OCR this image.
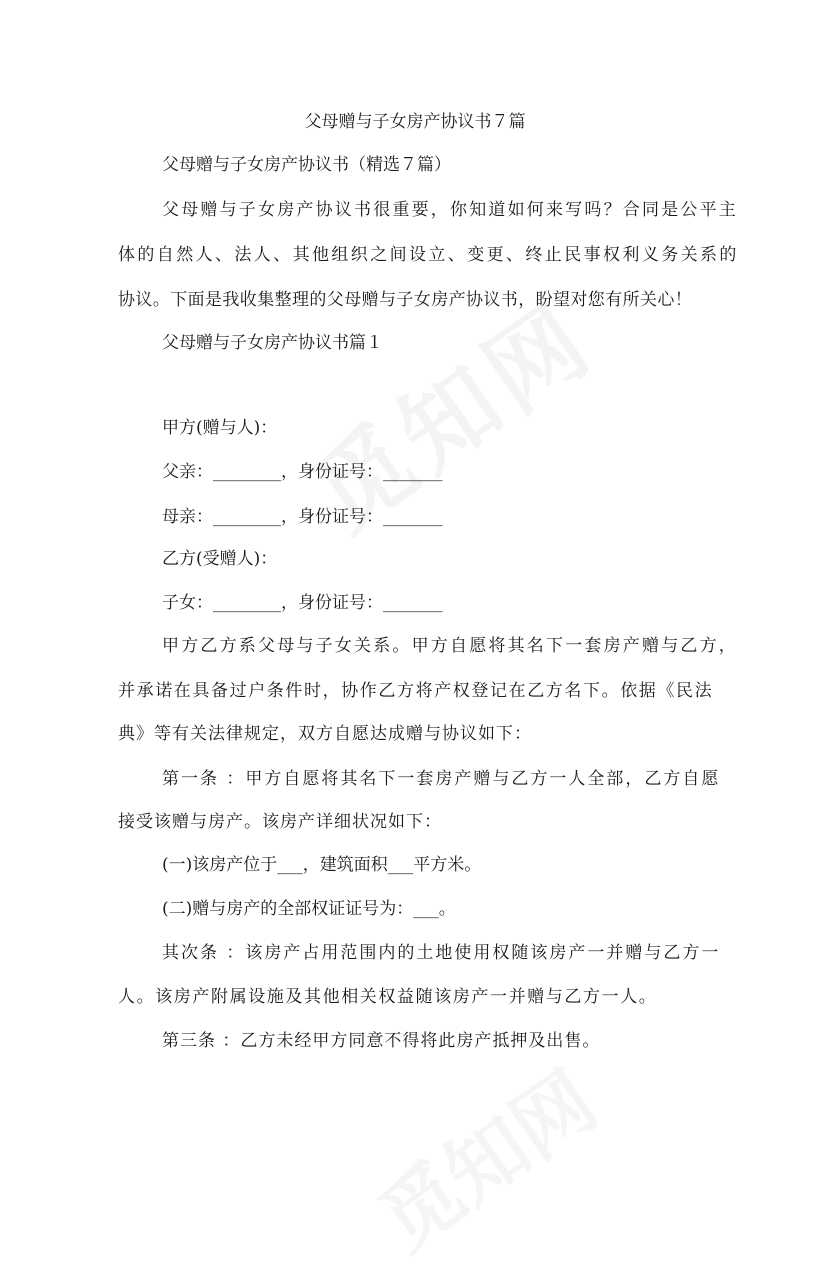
父母赠与子女房产协议书７篇
父母赠与子女房产协议书（精选７篇）
父母赠与子女房产协议书很重要，你知道如何来写吗？合同是公平主
体的自然人、法人、其他组织之间设立、变更、终止民事权利义务关系的
协议。下面是我收集整理的父母赠与子女房产协议书，盼望对您有所关心！
父母赠与子女房产协议书篇１
甲方(赠与人)：
父亲：________，身份证号：_______
母亲：________，身份证号：_______
乙方(受赠人)：
子女：________，身份证号：_______
甲方乙方系父母与子女关系。甲方自愿将其名下一套房产赠与乙方，
并承诺在具备过户条件时，协作乙方将产权登记在乙方名下。依据《民法
典》等有关法律规定，双方自愿达成赠与协议如下：
第一条 ：甲方自愿将其名下一套房产赠与乙方一人全部，乙方自愿
接受该赠与房产。该房产详细状况如下：
(一)该房产位于___，建筑面积___平方米。
(二)赠与房产的全部权证证号为：___。
其次条 ：该房产占用范围内的土地使用权随该房产一并赠与乙方一
人。该房产附属设施及其他相关权益随该房产一并赠与乙方一人。
第三条 ：乙方未经甲方同意不得将此房产抵押及出售。
